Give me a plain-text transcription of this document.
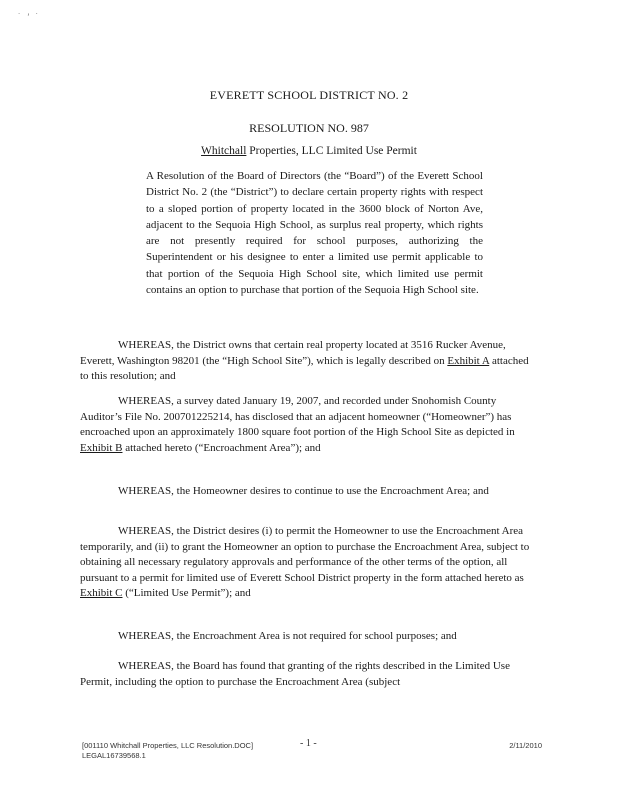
˙ ′ ˙
EVERETT SCHOOL DISTRICT NO. 2
RESOLUTION NO. 987
Whitchall Properties, LLC Limited Use Permit
A Resolution of the Board of Directors (the “Board”) of the Everett School District No. 2 (the “District”) to declare certain property rights with respect to a sloped portion of property located in the 3600 block of Norton Ave, adjacent to the Sequoia High School, as surplus real property, which rights are not presently required for school purposes, authorizing the Superintendent or his designee to enter a limited use permit applicable to that portion of the Sequoia High School site, which limited use permit contains an option to purchase that portion of the Sequoia High School site.

WHEREAS, the District owns that certain real property located at 3516 Rucker Avenue, Everett, Washington 98201 (the “High School Site”), which is legally described on Exhibit A attached to this resolution; and

WHEREAS, a survey dated January 19, 2007, and recorded under Snohomish County Auditor’s File No. 200701225214, has disclosed that an adjacent homeowner (“Homeowner”) has encroached upon an approximately 1800 square foot portion of the High School Site as depicted in Exhibit B attached hereto (“Encroachment Area”); and

WHEREAS, the Homeowner desires to continue to use the Encroachment Area; and

WHEREAS, the District desires (i) to permit the Homeowner to use the Encroachment Area temporarily, and (ii) to grant the Homeowner an option to purchase the Encroachment Area, subject to obtaining all necessary regulatory approvals and performance of the other terms of the option, all pursuant to a permit for limited use of Everett School District property in the form attached hereto as Exhibit C (“Limited Use Permit”); and

WHEREAS, the Encroachment Area is not required for school purposes; and

WHEREAS, the Board has found that granting of the rights described in the Limited Use Permit, including the option to purchase the Encroachment Area (subject

[001110 Whitchall Properties, LLC Resolution.DOC]
LEGAL16739568.1
- 1 -	2/11/2010
